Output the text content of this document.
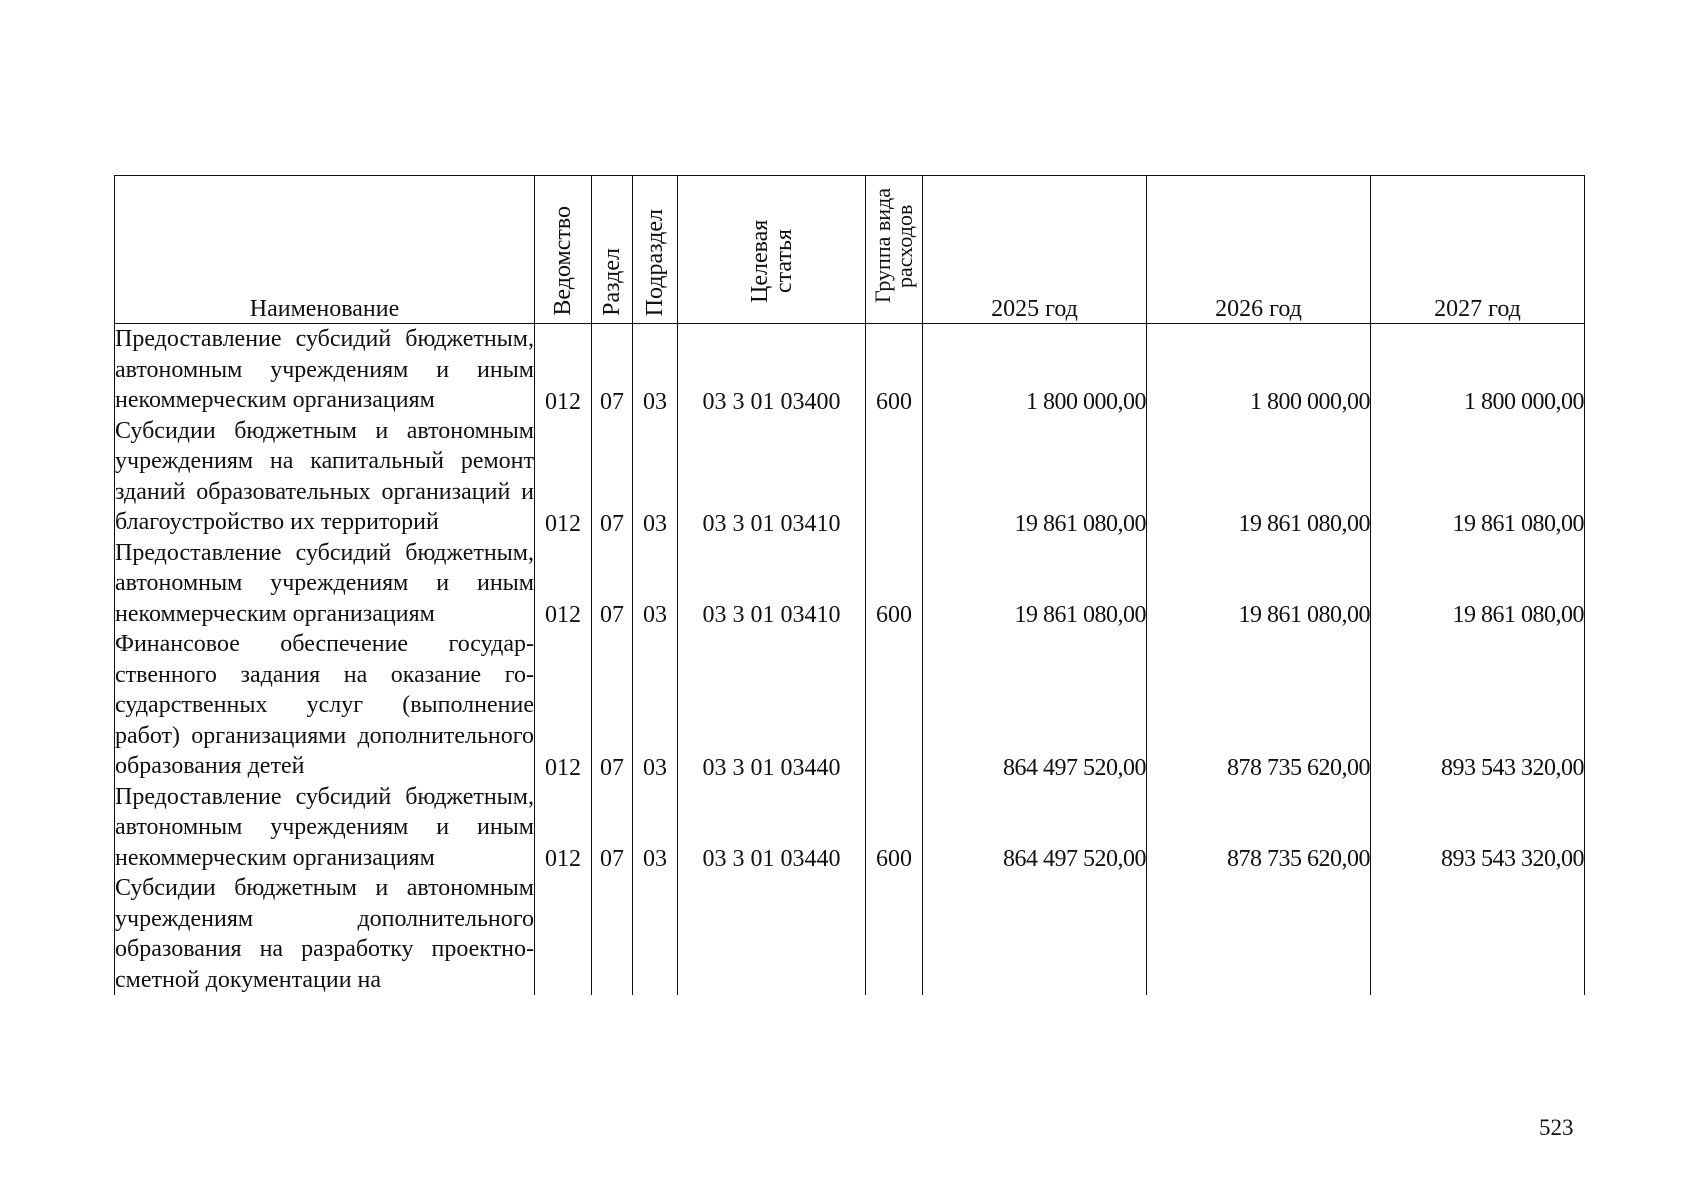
Наименование	Ведомство	Раздел	Подраздел	Целевая статья	Группа вида расходов	2025 год	2026 год	2027 год
Предоставление субсидий бюджетным, автономным учреждениям и иным некоммерческим организациям	012	07	03	03 3 01 03400	600	1 800 000,00	1 800 000,00	1 800 000,00
Субсидии бюджетным и автономным учреждениям на капитальный ремонт зданий образовательных организаций и благоустройство их территорий	012	07	03	03 3 01 03410		19 861 080,00	19 861 080,00	19 861 080,00
Предоставление субсидий бюджетным, автономным учреждениям и иным некоммерческим организациям	012	07	03	03 3 01 03410	600	19 861 080,00	19 861 080,00	19 861 080,00
Финансовое обеспечение государственного задания на оказание государственных услуг (выполнение работ) организациями дополнительного образования детей	012	07	03	03 3 01 03440		864 497 520,00	878 735 620,00	893 543 320,00
Предоставление субсидий бюджетным, автономным учреждениям и иным некоммерческим организациям	012	07	03	03 3 01 03440	600	864 497 520,00	878 735 620,00	893 543 320,00
Субсидии бюджетным и автономным учреждениям дополнительного образования на разработку проектно-сметной документации на								
523
